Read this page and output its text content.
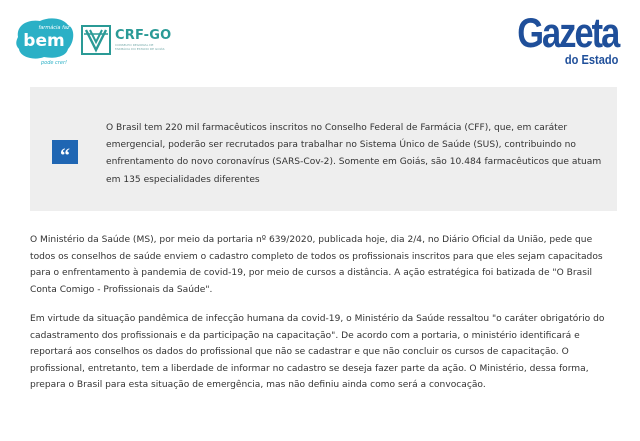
farmácia faz
bem
pode crer!
CRF-GO
CONSELHO REGIONAL DE FARMÁCIA DO ESTADO DE GOIÁS	Gazeta
do Estado
“

O Brasil tem 220 mil farmacêuticos inscritos no Conselho Federal de Farmácia (CFF), que, em caráter emergencial, poderão ser recrutados para trabalhar no Sistema Único de Saúde (SUS), contribuindo no enfrentamento do novo coronavírus (SARS-Cov-2). Somente em Goiás, são 10.484 farmacêuticos que atuam em 135 especialidades diferentes

O Ministério da Saúde (MS), por meio da portaria nº 639/2020, publicada hoje, dia 2/4, no Diário Oficial da União, pede que todos os conselhos de saúde enviem o cadastro completo de todos os profissionais inscritos para que eles sejam capacitados para o enfrentamento à pandemia de covid-19, por meio de cursos a distância. A ação estratégica foi batizada de "O Brasil Conta Comigo - Profissionais da Saúde".

Em virtude da situação pandêmica de infecção humana da covid-19, o Ministério da Saúde ressaltou "o caráter obrigatório do cadastramento dos profissionais e da participação na capacitação". De acordo com a portaria, o ministério identificará e reportará aos conselhos os dados do profissional que não se cadastrar e que não concluir os cursos de capacitação. O profissional, entretanto, tem a liberdade de informar no cadastro se deseja fazer parte da ação. O Ministério, dessa forma, prepara o Brasil para esta situação de emergência, mas não definiu ainda como será a convocação.
